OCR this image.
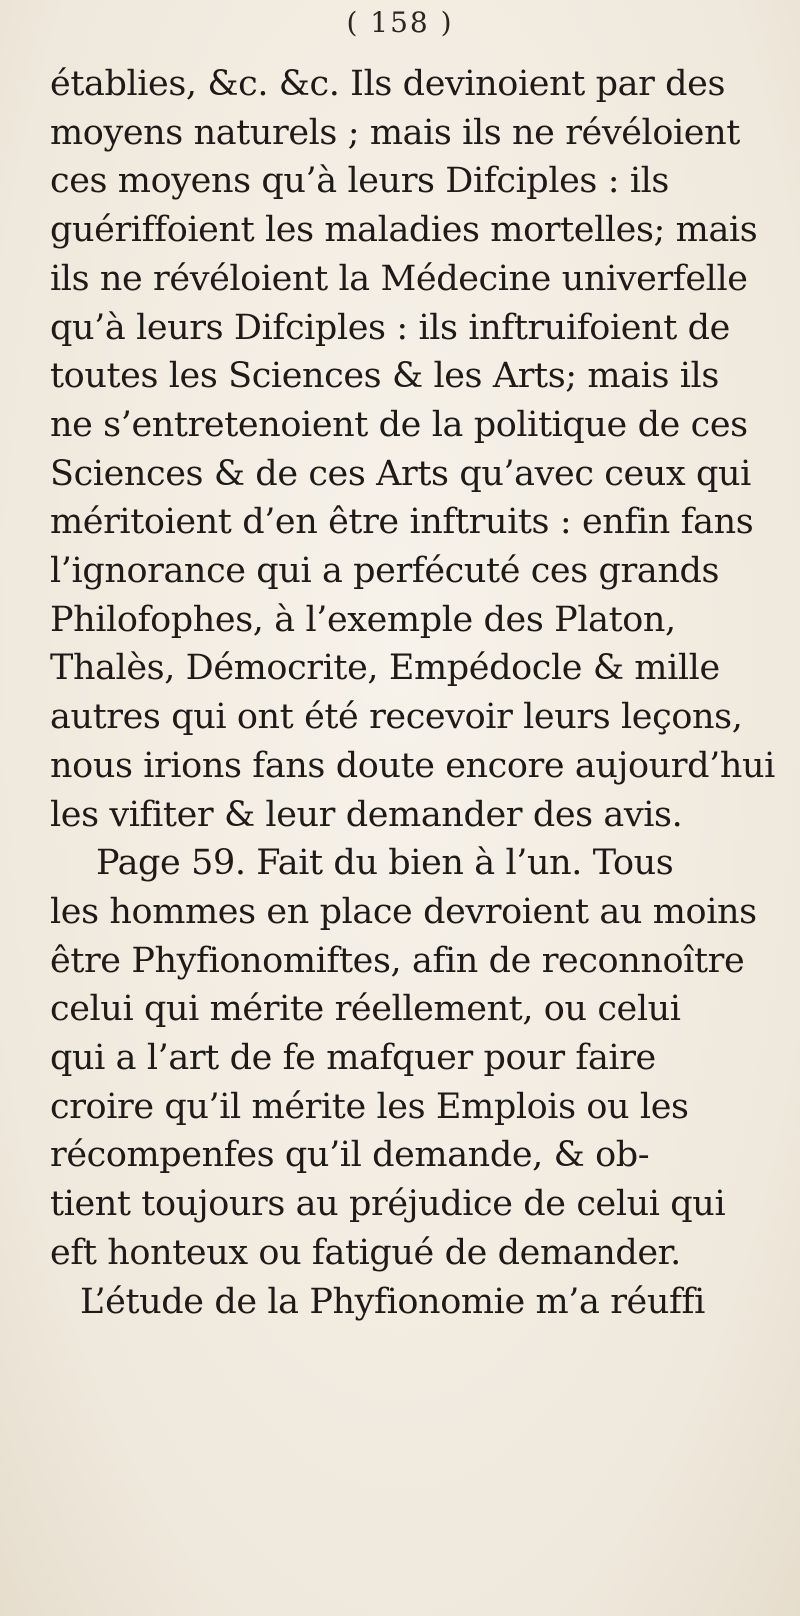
( 158 )
établies, &c. &c. Ils devinoient par des
moyens naturels ; mais ils ne révéloient
ces moyens qu’à leurs Difciples : ils
guériffoient les maladies mortelles; mais
ils ne révéloient la Médecine univerfelle
qu’à leurs Difciples : ils inftruifoient de
toutes les Sciences & les Arts; mais ils
ne s’entretenoient de la politique de ces
Sciences & de ces Arts qu’avec ceux qui
méritoient d’en être inftruits : enfin fans
l’ignorance qui a perfécuté ces grands
Philofophes, à l’exemple des Platon,
Thalès, Démocrite, Empédocle & mille
autres qui ont été recevoir leurs leçons,
nous irions fans doute encore aujourd’hui
les vifiter & leur demander des avis.
Page 59. Fait du bien à l’un. Tous
les hommes en place devroient au moins
être Phyfionomiftes, afin de reconnoître
celui qui mérite réellement, ou celui
qui a l’art de fe mafquer pour faire
croire qu’il mérite les Emplois ou les
récompenfes qu’il demande, & ob-
tient toujours au préjudice de celui qui
eft honteux ou fatigué de demander.
L’étude de la Phyfionomie m’a réuffi
